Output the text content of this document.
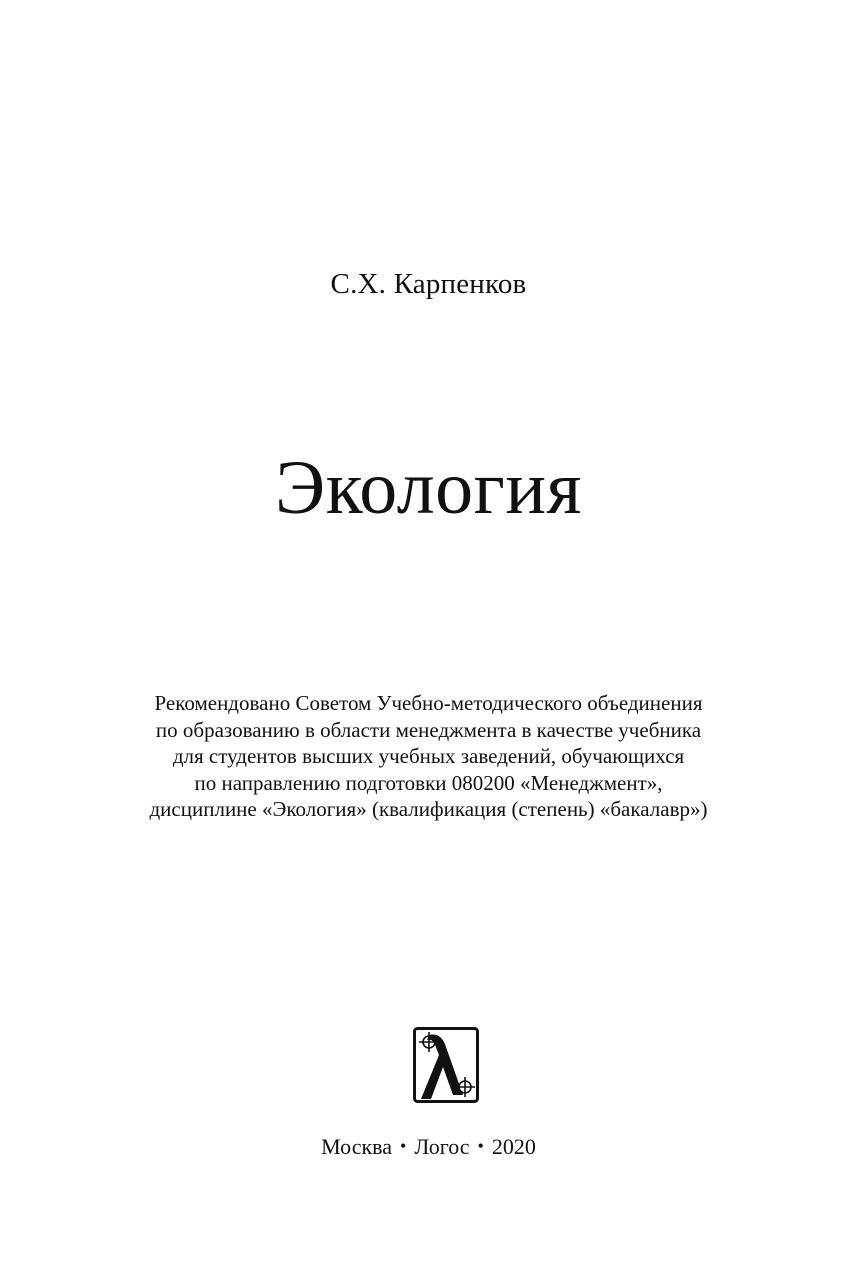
С.Х. Карпенков
Экология
Рекомендовано Советом Учебно-методического объединения
по образованию в области менеджмента в качестве учебника
для студентов высших учебных заведений, обучающихся
по направлению подготовки 080200 «Менеджмент»,
дисциплине «Экология» (квалификация (степень) «бакалавр»)
Москва • Логос • 2020
